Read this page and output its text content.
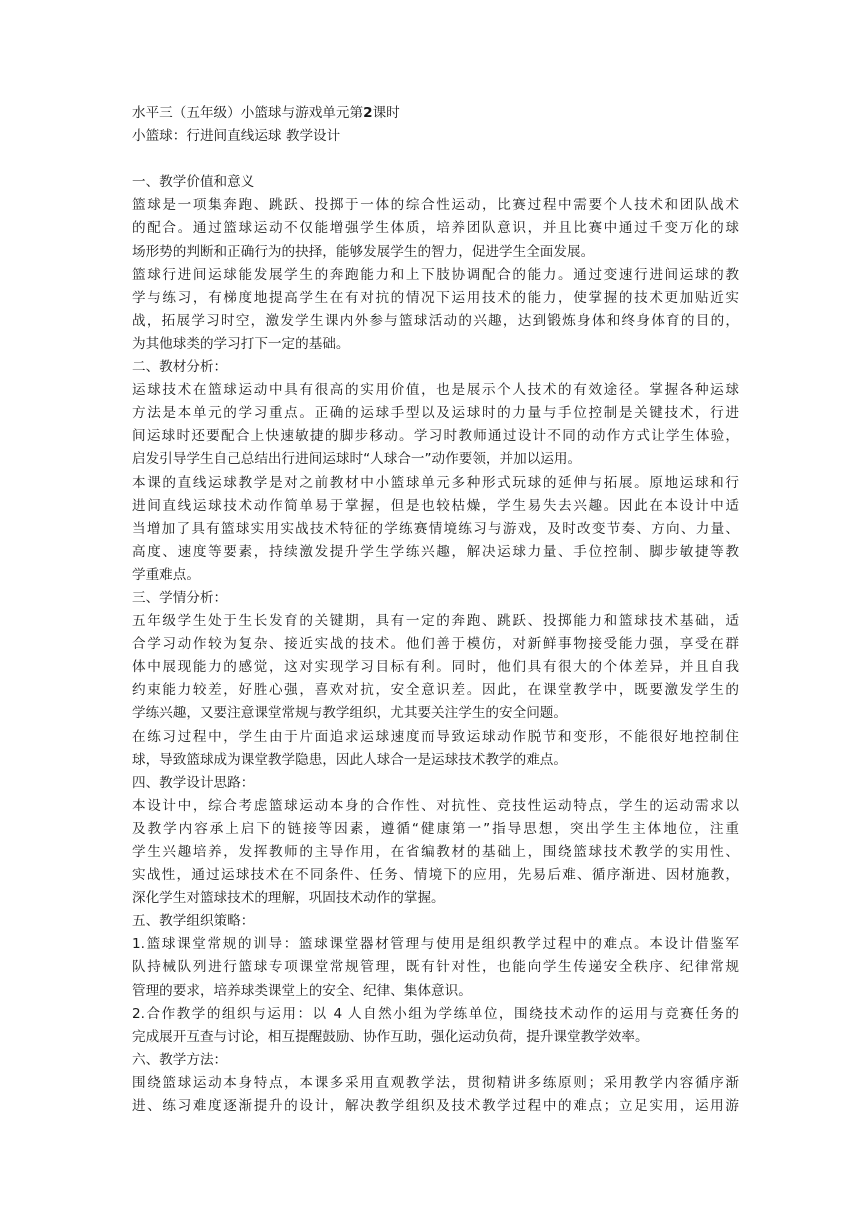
水平三（五年级）小篮球与游戏单元第2课时
小篮球：行进间直线运球 教学设计
一、教学价值和意义
篮球是一项集奔跑、跳跃、投掷于一体的综合性运动，比赛过程中需要个人技术和团队战术
的配合。通过篮球运动不仅能增强学生体质，培养团队意识，并且比赛中通过千变万化的球
场形势的判断和正确行为的抉择，能够发展学生的智力，促进学生全面发展。
篮球行进间运球能发展学生的奔跑能力和上下肢协调配合的能力。通过变速行进间运球的教
学与练习，有梯度地提高学生在有对抗的情况下运用技术的能力，使掌握的技术更加贴近实
战，拓展学习时空，激发学生课内外参与篮球活动的兴趣，达到锻炼身体和终身体育的目的，
为其他球类的学习打下一定的基础。
二、教材分析：
运球技术在篮球运动中具有很高的实用价值，也是展示个人技术的有效途径。掌握各种运球
方法是本单元的学习重点。正确的运球手型以及运球时的力量与手位控制是关键技术，行进
间运球时还要配合上快速敏捷的脚步移动。学习时教师通过设计不同的动作方式让学生体验，
启发引导学生自己总结出行进间运球时“人球合一”动作要领，并加以运用。
本课的直线运球教学是对之前教材中小篮球单元多种形式玩球的延伸与拓展。原地运球和行
进间直线运球技术动作简单易于掌握，但是也较枯燥，学生易失去兴趣。因此在本设计中适
当增加了具有篮球实用实战技术特征的学练赛情境练习与游戏，及时改变节奏、方向、力量、
高度、速度等要素，持续激发提升学生学练兴趣，解决运球力量、手位控制、脚步敏捷等教
学重难点。
三、学情分析：
五年级学生处于生长发育的关键期，具有一定的奔跑、跳跃、投掷能力和篮球技术基础，适
合学习动作较为复杂、接近实战的技术。他们善于模仿，对新鲜事物接受能力强，享受在群
体中展现能力的感觉，这对实现学习目标有利。同时，他们具有很大的个体差异，并且自我
约束能力较差，好胜心强，喜欢对抗，安全意识差。因此，在课堂教学中，既要激发学生的
学练兴趣，又要注意课堂常规与教学组织，尤其要关注学生的安全问题。
在练习过程中，学生由于片面追求运球速度而导致运球动作脱节和变形，不能很好地控制住
球，导致篮球成为课堂教学隐患，因此人球合一是运球技术教学的难点。
四、教学设计思路：
本设计中，综合考虑篮球运动本身的合作性、对抗性、竞技性运动特点，学生的运动需求以
及教学内容承上启下的链接等因素，遵循“健康第一”指导思想，突出学生主体地位，注重
学生兴趣培养，发挥教师的主导作用，在省编教材的基础上，围绕篮球技术教学的实用性、
实战性，通过运球技术在不同条件、任务、情境下的应用，先易后难、循序渐进、因材施教，
深化学生对篮球技术的理解，巩固技术动作的掌握。
五、教学组织策略：
1.篮球课堂常规的训导：篮球课堂器材管理与使用是组织教学过程中的难点。本设计借鉴军
队持械队列进行篮球专项课堂常规管理，既有针对性，也能向学生传递安全秩序、纪律常规
管理的要求，培养球类课堂上的安全、纪律、集体意识。
2.合作教学的组织与运用：以 4 人自然小组为学练单位，围绕技术动作的运用与竞赛任务的
完成展开互查与讨论，相互提醒鼓励、协作互助，强化运动负荷，提升课堂教学效率。
六、教学方法：
围绕篮球运动本身特点，本课多采用直观教学法，贯彻精讲多练原则；采用教学内容循序渐
进、练习难度逐渐提升的设计，解决教学组织及技术教学过程中的难点；立足实用，运用游
